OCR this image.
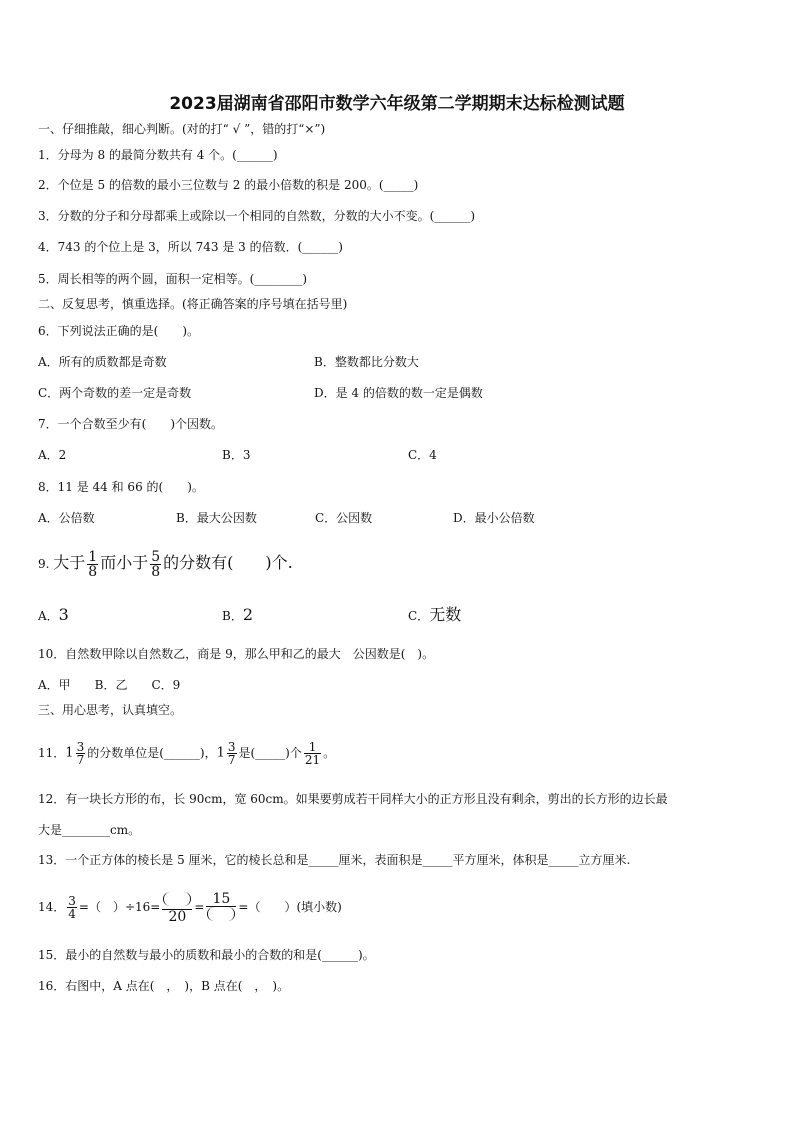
2023届湖南省邵阳市数学六年级第二学期期末达标检测试题
一、仔细推敲，细心判断。(对的打“ √ ”，错的打“×”)
1．分母为 8 的最简分数共有 4 个。(______)
2．个位是 5 的倍数的最小三位数与 2 的最小倍数的积是 200。(_____)
3．分数的分子和分母都乘上或除以一个相同的自然数，分数的大小不变。(______)
4．743 的个位上是 3，所以 743 是 3 的倍数．(______)
5．周长相等的两个圆，面积一定相等。(________)
二、反复思考，慎重选择。(将正确答案的序号填在括号里)
6．下列说法正确的是(　　)。
A．所有的质数都是奇数	B．整数都比分数大
C．两个奇数的差一定是奇数	D．是 4 的倍数的数一定是偶数
7．一个合数至少有(　　)个因数。
A．2	B．3	C．4
8．11 是 44 和 66 的(　　)。
A．公倍数	B．最大公因数	C．公因数	D．最小公倍数
9. 大于 $\frac{1}{8}$ 而小于 $\frac{5}{8}$ 的分数有(　　)个.
A．3	B．2	C．无数
10．自然数甲除以自然数乙，商是 9，那么甲和乙的最大　公因数是(　)。
A．甲　　B．乙　　C．9
三、用心思考，认真填空。
11．$1 \frac{3}{7}$ 的分数单位是(______)，$1 \frac{3}{7}$ 是(_____)个 $\frac{1}{21}$ 。
12．有一块长方形的布，长 90cm，宽 60cm。如果要剪成若干同样大小的正方形且没有剩余，剪出的长方形的边长最
大是________cm。
13．一个正方体的棱长是 5 厘米，它的棱长总和是_____厘米，表面积是_____平方厘米，体积是_____立方厘米.
14． $\frac{3}{4}$ =（　）÷16=
20
=
15
=（　　）(填小数)
15．最小的自然数与最小的质数和最小的合数的和是(______)。
16．右图中，A 点在(　，　)，B 点在(　，　)。
